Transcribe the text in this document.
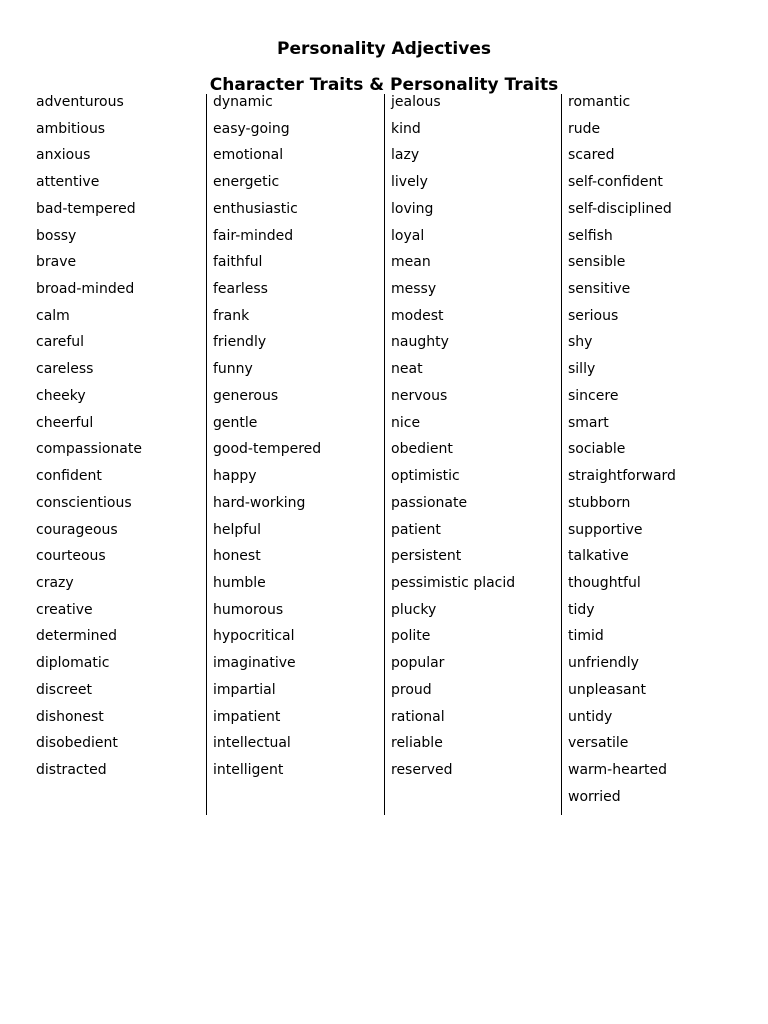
Personality Adjectives
Character Traits & Personality Traits
adventurous
ambitious
anxious
attentive
bad-tempered
bossy
brave
broad-minded
calm
careful
careless
cheeky
cheerful
compassionate
confident
conscientious
courageous
courteous
crazy
creative
determined
diplomatic
discreet
dishonest
disobedient
distracted
dynamic
easy-going
emotional
energetic
enthusiastic
fair-minded
faithful
fearless
frank
friendly
funny
generous
gentle
good-tempered
happy
hard-working
helpful
honest
humble
humorous
hypocritical
imaginative
impartial
impatient
intellectual
intelligent
jealous
kind
lazy
lively
loving
loyal
mean
messy
modest
naughty
neat
nervous
nice
obedient
optimistic
passionate
patient
persistent
pessimistic placid
plucky
polite
popular
proud
rational
reliable
reserved
romantic
rude
scared
self-confident
self-disciplined
selfish
sensible
sensitive
serious
shy
silly
sincere
smart
sociable
straightforward
stubborn
supportive
talkative
thoughtful
tidy
timid
unfriendly
unpleasant
untidy
versatile
warm-hearted
worried
